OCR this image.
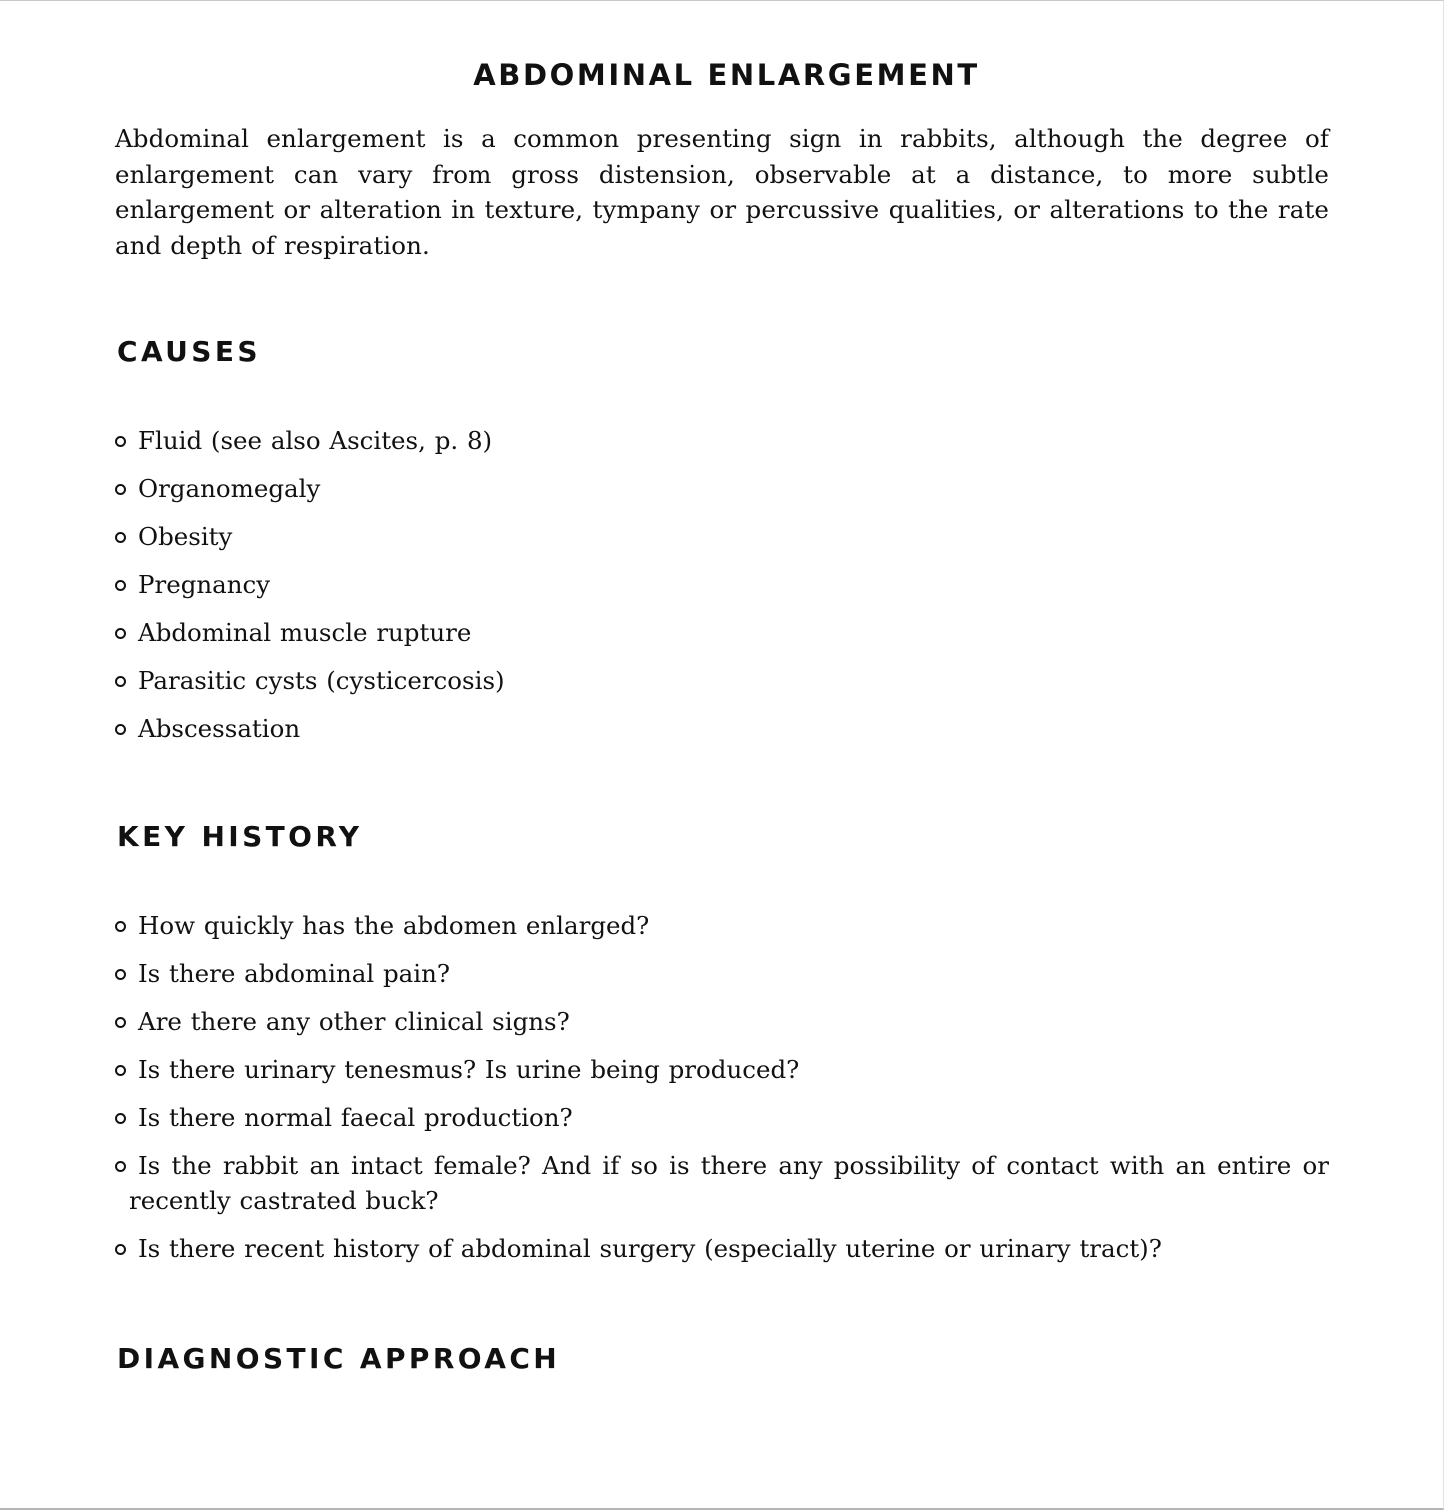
ABDOMINAL ENLARGEMENT

Abdominal enlargement is a common presenting sign in rabbits, although the degree of enlargement can vary from gross distension, observable at a distance, to more subtle enlargement or alteration in texture, tympany or percussive qualities, or alterations to the rate and depth of respiration.

CAUSES
Fluid (see also Ascites, p. 8)
Organomegaly
Obesity
Pregnancy
Abdominal muscle rupture
Parasitic cysts (cysticercosis)
Abscessation
KEY HISTORY
How quickly has the abdomen enlarged?
Is there abdominal pain?
Are there any other clinical signs?
Is there urinary tenesmus? Is urine being produced?
Is there normal faecal production?
Is the rabbit an intact female? And if so is there any possibility of contact with an entire or recently castrated buck?
Is there recent history of abdominal surgery (especially uterine or urinary tract)?
DIAGNOSTIC APPROACH
